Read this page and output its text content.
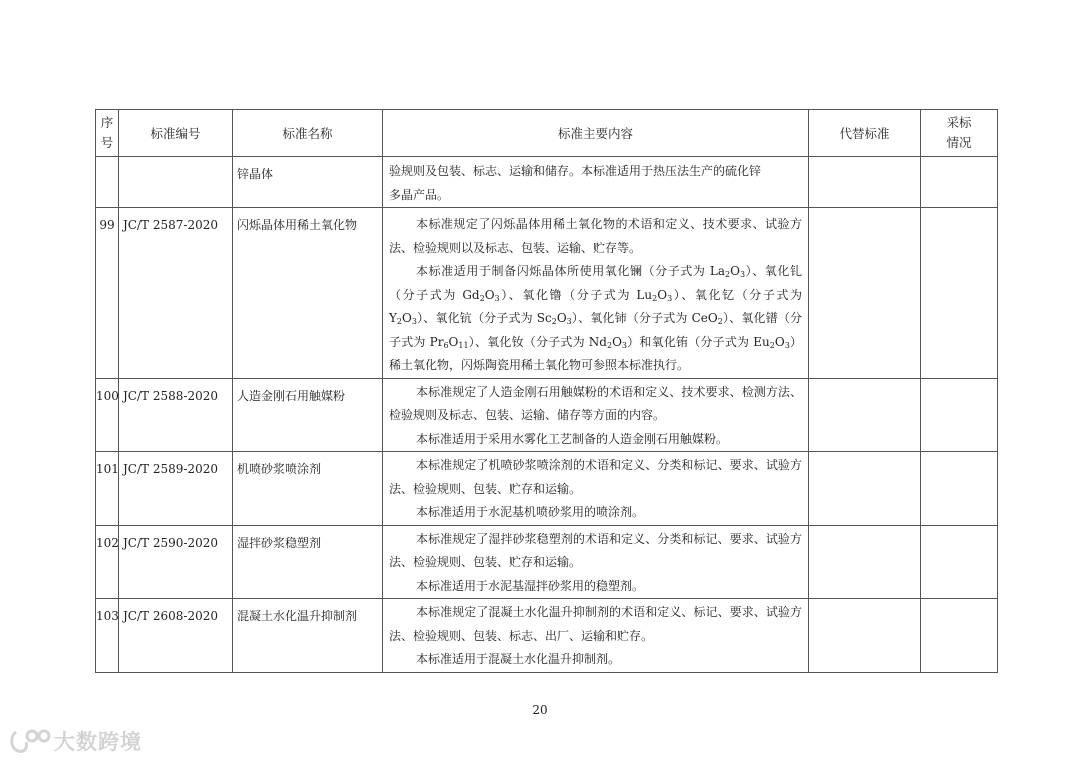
序
号	标准编号	标准名称	标准主要内容	代替标准	采标
情况

		锌晶体	验规则及包装、标志、运输和储存。本标准适用于热压法生产的硫化锌

多晶产品。		

99	JC/T 2587-2020	闪烁晶体用稀土氧化物	本标准规定了闪烁晶体用稀土氧化物的术语和定义、技术要求、试验方法、检验规则以及标志、包装、运输、贮存等。

本标准适用于制备闪烁晶体所使用氧化镧（分子式为 $La_2O_3$）、氧化钆（分子式为 $Gd_2O_3$）、氧化镥（分子式为 $Lu_2O_3$）、氧化钇（分子式为 $Y_2O_3$）、氧化钪（分子式为 $Sc_2O_3$）、氧化铈（分子式为 CeO$_2$）、氧化镨（分子式为 $Pr_6O_{11}$）、氧化钕（分子式为 $Nd_2O_3$）和氧化铕（分子式为 $Eu_2O_3$）稀土氧化物，闪烁陶瓷用稀土氧化物可参照本标准执行。		

100	JC/T 2588-2020	人造金刚石用触媒粉	本标准规定了人造金刚石用触媒粉的术语和定义、技术要求、检测方法、检验规则及标志、包装、运输、储存等方面的内容。

本标准适用于采用水雾化工艺制备的人造金刚石用触媒粉。		

101	JC/T 2589-2020	机喷砂浆喷涂剂	本标准规定了机喷砂浆喷涂剂的术语和定义、分类和标记、要求、试验方法、检验规则、包装、贮存和运输。

本标准适用于水泥基机喷砂浆用的喷涂剂。		

102	JC/T 2590-2020	湿拌砂浆稳塑剂	本标准规定了湿拌砂浆稳塑剂的术语和定义、分类和标记、要求、试验方法、检验规则、包装、贮存和运输。

本标准适用于水泥基湿拌砂浆用的稳塑剂。		

103	JC/T 2608-2020	混凝土水化温升抑制剂	本标准规定了混凝土水化温升抑制剂的术语和定义、标记、要求、试验方法、检验规则、包装、标志、出厂、运输和贮存。

本标准适用于混凝土水化温升抑制剂。		

20
大数跨境
